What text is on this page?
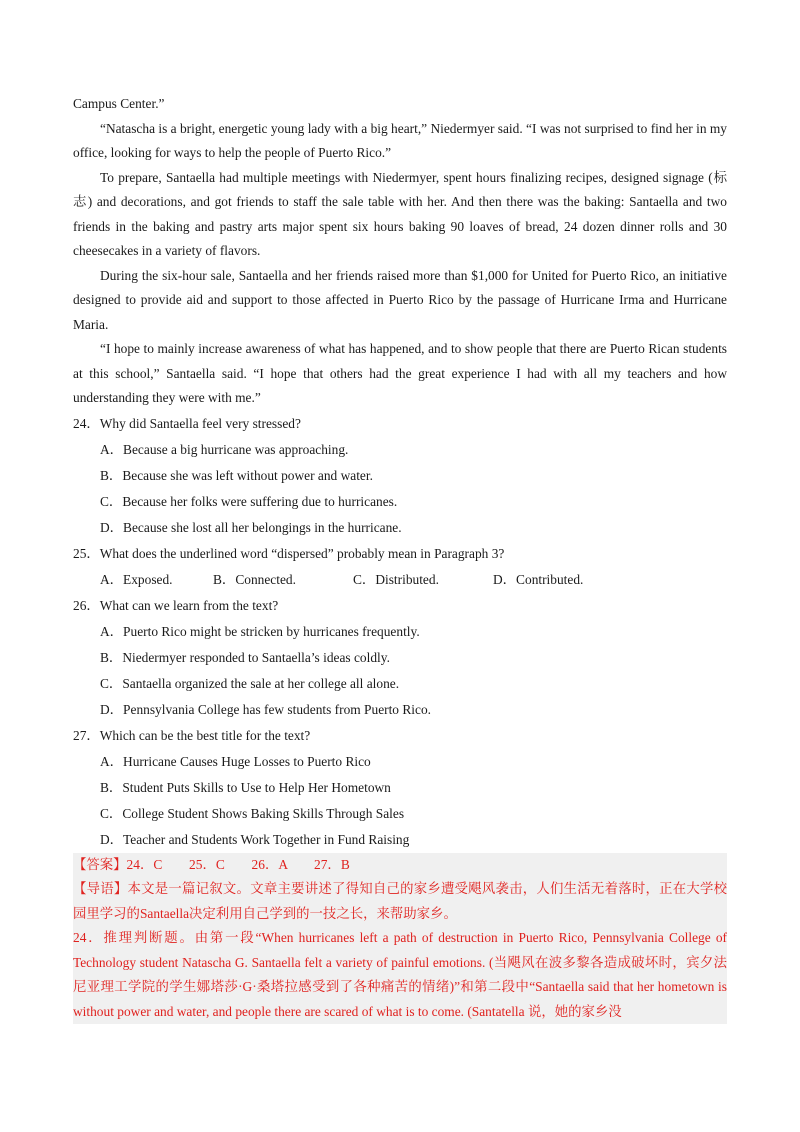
Campus Center.”

“Natascha is a bright, energetic young lady with a big heart,” Niedermyer said. “I was not surprised to find her in my office, looking for ways to help the people of Puerto Rico.”

To prepare, Santaella had multiple meetings with Niedermyer, spent hours finalizing recipes, designed signage (标志) and decorations, and got friends to staff the sale table with her. And then there was the baking: Santaella and two friends in the baking and pastry arts major spent six hours baking 90 loaves of bread, 24 dozen dinner rolls and 30 cheesecakes in a variety of flavors.

During the six-hour sale, Santaella and her friends raised more than $1,000 for United for Puerto Rico, an initiative designed to provide aid and support to those affected in Puerto Rico by the passage of Hurricane Irma and Hurricane Maria.

“I hope to mainly increase awareness of what has happened, and to show people that there are Puerto Rican students at this school,” Santaella said. “I hope that others had the great experience I had with all my teachers and how understanding they were with me.”

24．Why did Santaella feel very stressed?
A．Because a big hurricane was approaching.
B．Because she was left without power and water.
C．Because her folks were suffering due to hurricanes.
D．Because she lost all her belongings in the hurricane.
25．What does the underlined word “dispersed” probably mean in Paragraph 3?
A．Exposed.	B．Connected.	C．Distributed.	D．Contributed.
26．What can we learn from the text?
A．Puerto Rico might be stricken by hurricanes frequently.
B．Niedermyer responded to Santaella’s ideas coldly.
C．Santaella organized the sale at her college all alone.
D．Pennsylvania College has few students from Puerto Rico.
27．Which can be the best title for the text?
A．Hurricane Causes Huge Losses to Puerto Rico
B．Student Puts Skills to Use to Help Her Hometown
C．College Student Shows Baking Skills Through Sales
D．Teacher and Students Work Together in Fund Raising

【答案】24．C　　25．C　　26．A　　27．B

【导语】本文是一篇记叙文。文章主要讲述了得知自己的家乡遭受飓风袭击，人们生活无着落时，正在大学校园里学习的Santaella决定利用自己学到的一技之长，来帮助家乡。

24．推理判断题。由第一段“When hurricanes left a path of destruction in Puerto Rico, Pennsylvania College of Technology student Natascha G. Santaella felt a variety of painful emotions. (当飓风在波多黎各造成破坏时，宾夕法尼亚理工学院的学生娜塔莎·G·桑塔拉感受到了各种痛苦的情绪)”和第二段中“Santaella said that her hometown is without power and water, and people there are scared of what is to come. (Santatella 说，她的家乡没
